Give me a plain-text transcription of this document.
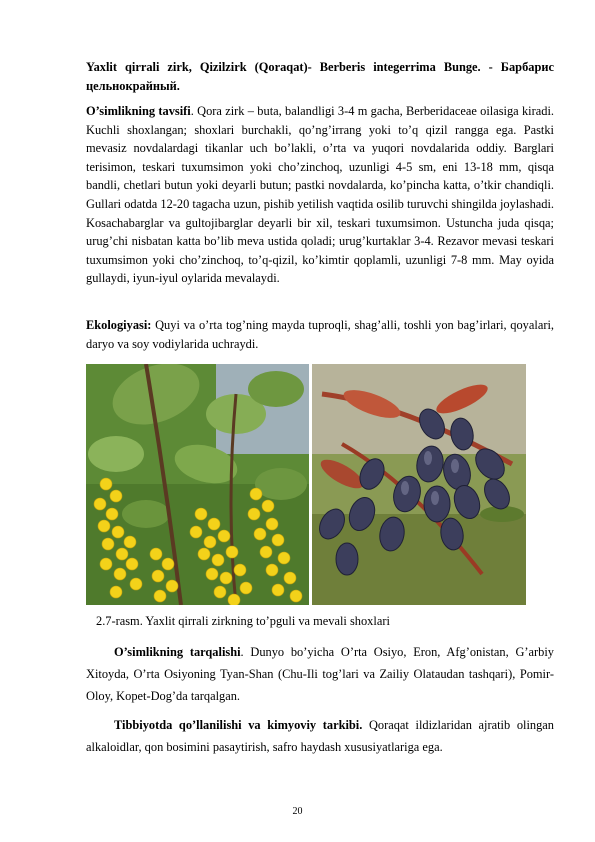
Yaxlit qirrali zirk, Qizilzirk (Qoraqat)- Berberis integerrima Bunge. - Барбарис цельнокрайный.
O’simlikning tavsifi. Qora zirk – buta, balandligi 3-4 m gacha, Berberidaceae oilasiga kiradi. Kuchli shoxlangan; shoxlari burchakli, qo’ng’irrang yoki to’q qizil rangga ega. Pastki mevasiz novdalardagi tikanlar uch bo’lakli, o’rta va yuqori novdalarida oddiy. Barglari terisimon, teskari tuxumsimon yoki cho’zinchoq, uzunligi 4-5 sm, eni 13-18 mm, qisqa bandli, chetlari butun yoki deyarli butun; pastki novdalarda, ko’pincha katta, o’tkir chandiqli. Gullari odatda 12-20 tagacha uzun, pishib yetilish vaqtida osilib turuvchi shingilda joylashadi. Kosachabarglar va gultojibarglar deyarli bir xil, teskari tuxumsimon. Ustuncha juda qisqa; urug’chi nisbatan katta bo’lib meva ustida qoladi; urug’kurtaklar 3-4. Rezavor mevasi teskari tuxumsimon yoki cho’zinchoq, to’q-qizil, ko’kimtir qoplamli, uzunligi 7-8 mm. May oyida gullaydi, iyun-iyul oylarida mevalaydi.
Ekologiyasi: Quyi va o’rta tog’ning mayda tuproqli, shag’alli, toshli yon bag’irlari, qoyalari, daryo va soy vodiylarida uchraydi.
2.7-rasm. Yaxlit qirrali zirkning to’pguli va mevali shoxlari
O’simlikning tarqalishi. Dunyo bo’yicha O’rta Osiyo, Eron, Afg’onistan, G’arbiy Xitoyda, O’rta Osiyoning Tyan-Shan (Chu-Ili tog’lari va Zailiy Olataudan tashqari), Pomir-Oloy, Kopet-Dog’da tarqalgan.
Tibbiyotda qo’llanilishi va kimyoviy tarkibi. Qoraqat ildizlaridan ajratib olingan alkaloidlar, qon bosimini pasaytirish, safro haydash xususiyatlariga ega.
20
